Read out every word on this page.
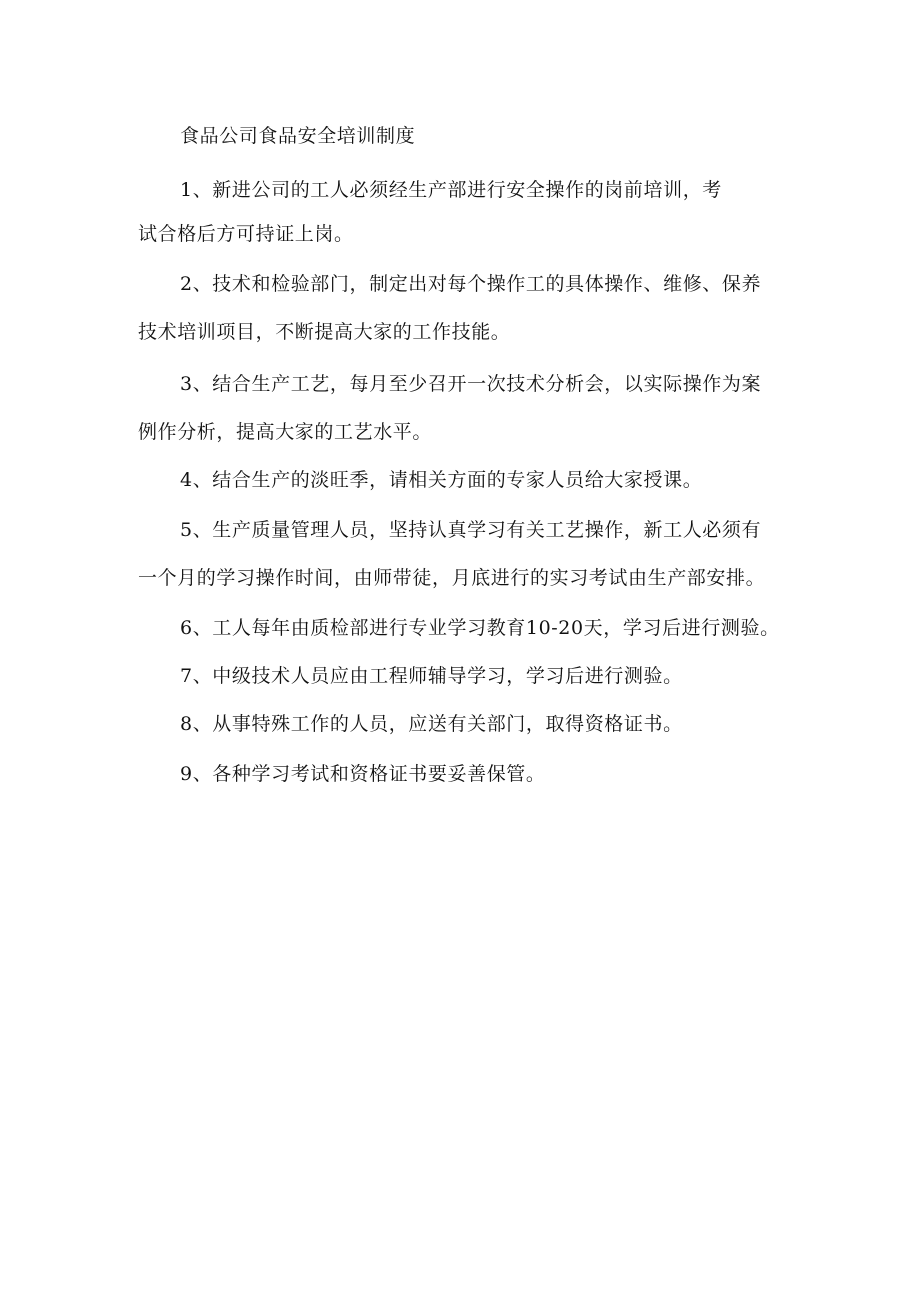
食品公司食品安全培训制度
1、新进公司的工人必须经生产部进行安全操作的岗前培训，考
试合格后方可持证上岗。
2、技术和检验部门，制定出对每个操作工的具体操作、维修、保养
技术培训项目，不断提高大家的工作技能。
3、结合生产工艺，每月至少召开一次技术分析会，以实际操作为案
例作分析，提高大家的工艺水平。
4、结合生产的淡旺季，请相关方面的专家人员给大家授课。
5、生产质量管理人员，坚持认真学习有关工艺操作，新工人必须有
一个月的学习操作时间，由师带徒，月底进行的实习考试由生产部安排。
6、工人每年由质检部进行专业学习教育10-20天，学习后进行测验。
7、中级技术人员应由工程师辅导学习，学习后进行测验。
8、从事特殊工作的人员，应送有关部门，取得资格证书。
9、各种学习考试和资格证书要妥善保管。
